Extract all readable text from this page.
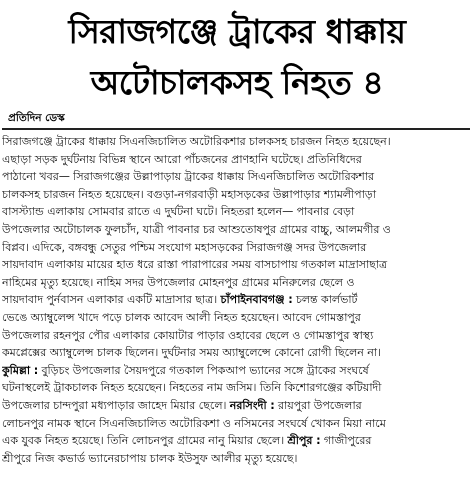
সিরাজগঞ্জে ট্রাকের ধাক্কায়
অটোচালকসহ নিহত ৪
প্রতিদিন ডেস্ক
সিরাজগঞ্জে ট্রাকের ধাক্কায় সিএনজিচালিত অটোরিকশার চালকসহ চারজন নিহত হয়েছেন।
এছাড়া সড়ক দুর্ঘটনায় বিভিন্ন স্থানে আরো পাঁচজনের প্রাণহানি ঘটেছে। প্রতিনিধিদের
পাঠানো খবর— সিরাজগঞ্জের উল্লাপাড়ায় ট্রাকের ধাক্কায় সিএনজিচালিত অটোরিকশার
চালকসহ চারজন নিহত হয়েছেন। বগুড়া-নগরবাড়ী মহাসড়কের উল্লাপাড়ার শ্যামলীপাড়া
বাসস্ট্যান্ড এলাকায় সোমবার রাতে এ দুর্ঘটনা ঘটে। নিহতরা হলেন— পাবনার বেড়া
উপজেলার অটোচালক ফুলচাঁদ, যাত্রী পাবনার চর আশুতোষপুর গ্রামের বাচ্চু, আলমগীর ও
বিপ্লব। এদিকে, বঙ্গবন্ধু সেতুর পশ্চিম সংযোগ মহাসড়কের সিরাজগঞ্জ সদর উপজেলার
সায়দাবাদ এলাকায় মায়ের হাত ধরে রাস্তা পারাপারের সময় বাসচাপায় গতকাল মাদ্রাসাছাত্র
নাহিমের মৃত্যু হয়েছে। নাহিম সদর উপজেলার মোহনপুর গ্রামের মনিরুলের ছেলে ও
সায়দাবাদ পুর্নবাসন এলাকার একটি মাদ্রাসার ছাত্র। চাঁপাইনবাবগঞ্জ : চলন্ত কার্লভার্ট
ভেঙে অ্যাম্বুলেন্স খাদে পড়ে চালক আবেদ আলী নিহত হয়েছেন। আবেদ গোমস্তাপুর
উপজেলার রহনপুর পৌর এলাকার কোয়াটার পাড়ার ওহাবের ছেলে ও গোমস্তাপুর স্বাস্থ্য
কমপ্লেক্সের অ্যাম্বুলেন্স চালক ছিলেন। দুর্ঘটনার সময় অ্যাম্বুলেন্সে কোনো রোগী ছিলেন না।
কুমিল্লা : বুড়িচং উপজেলার সৈয়দপুরে গতকাল পিকআপ ভ্যানের সঙ্গে ট্রাকের সংঘর্ষে
ঘটনাস্থলেই ট্রাকচালক নিহত হয়েছেন। নিহতের নাম জসিম। তিনি কিশোরগঞ্জের কটিয়াদী
উপজেলার চান্দপুরা মধ্যপাড়ার জাহেদ মিয়ার ছেলে। নরসিংদী : রায়পুরা উপজেলার
লোচনপুর নামক স্থানে সিএনজিচালিত অটোরিকশা ও নসিমনের সংঘর্ষে খোকন মিয়া নামে
এক যুবক নিহত হয়েছে। তিনি লোচনপুর গ্রামের নানু মিয়ার ছেলে। শ্রীপুর : গাজীপুরের
শ্রীপুরে নিজ কভার্ড ভ্যানেরচাপায় চালক ইউসুফ আলীর মৃত্যু হয়েছে।
